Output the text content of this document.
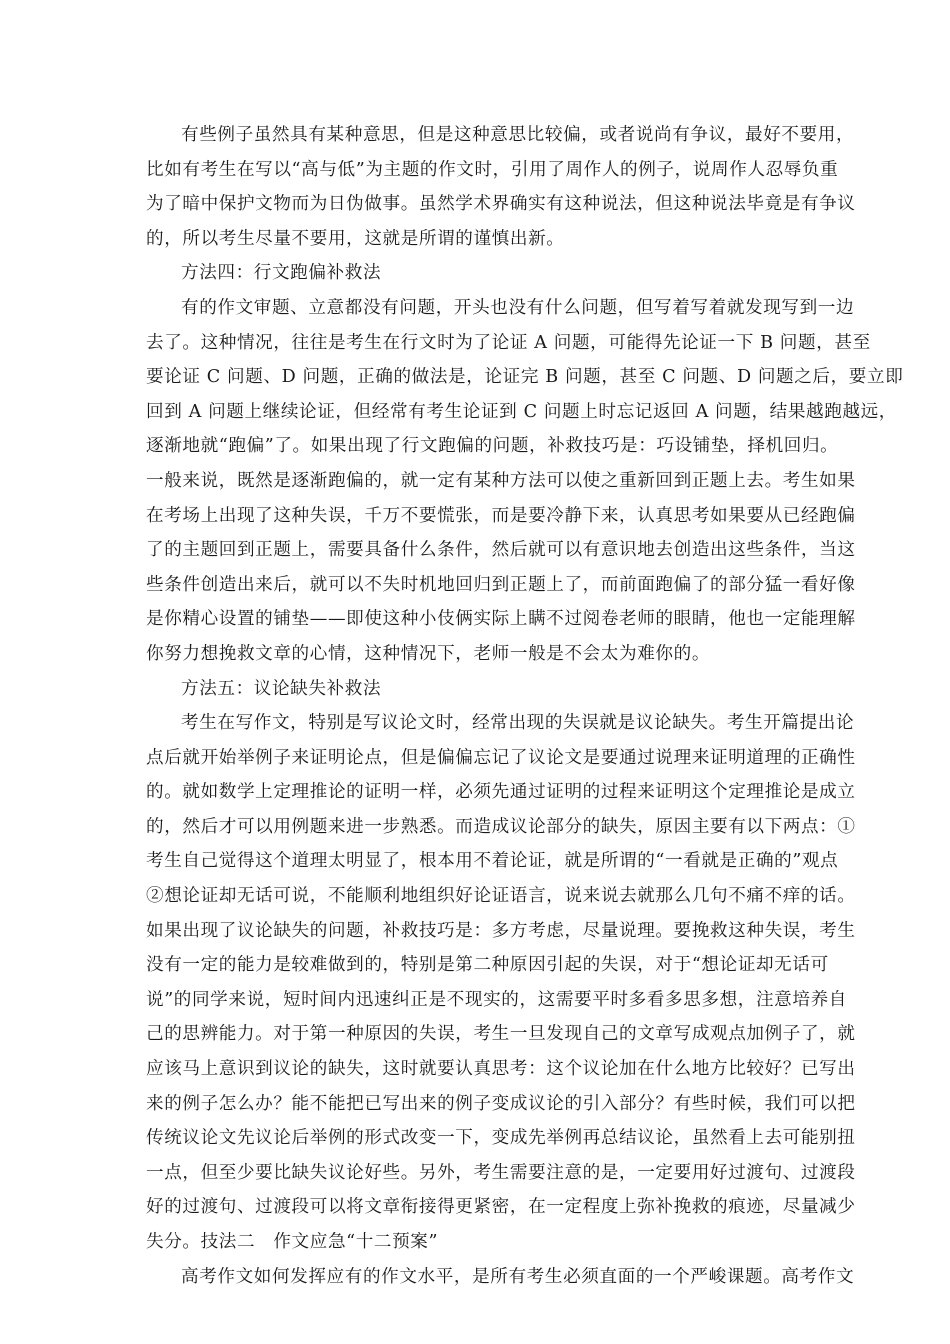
有些例子虽然具有某种意思，但是这种意思比较偏，或者说尚有争议，最好不要用，
比如有考生在写以“高与低”为主题的作文时，引用了周作人的例子，说周作人忍辱负重
为了暗中保护文物而为日伪做事。虽然学术界确实有这种说法，但这种说法毕竟是有争议
的，所以考生尽量不要用，这就是所谓的谨慎出新。
方法四：行文跑偏补救法
有的作文审题、立意都没有问题，开头也没有什么问题，但写着写着就发现写到一边
去了。这种情况，往往是考生在行文时为了论证 A 问题，可能得先论证一下 B 问题，甚至
要论证 C 问题、D 问题，正确的做法是，论证完 B 问题，甚至 C 问题、D 问题之后，要立即
回到 A 问题上继续论证，但经常有考生论证到 C 问题上时忘记返回 A 问题，结果越跑越远，
逐渐地就“跑偏”了。如果出现了行文跑偏的问题，补救技巧是：巧设铺垫，择机回归。
一般来说，既然是逐渐跑偏的，就一定有某种方法可以使之重新回到正题上去。考生如果
在考场上出现了这种失误，千万不要慌张，而是要冷静下来，认真思考如果要从已经跑偏
了的主题回到正题上，需要具备什么条件，然后就可以有意识地去创造出这些条件，当这
些条件创造出来后，就可以不失时机地回归到正题上了，而前面跑偏了的部分猛一看好像
是你精心设置的铺垫——即使这种小伎俩实际上瞒不过阅卷老师的眼睛，他也一定能理解
你努力想挽救文章的心情，这种情况下，老师一般是不会太为难你的。
方法五：议论缺失补救法
考生在写作文，特别是写议论文时，经常出现的失误就是议论缺失。考生开篇提出论
点后就开始举例子来证明论点，但是偏偏忘记了议论文是要通过说理来证明道理的正确性
的。就如数学上定理推论的证明一样，必须先通过证明的过程来证明这个定理推论是成立
的，然后才可以用例题来进一步熟悉。而造成议论部分的缺失，原因主要有以下两点：①
考生自己觉得这个道理太明显了，根本用不着论证，就是所谓的“一看就是正确的”观点
②想论证却无话可说，不能顺利地组织好论证语言，说来说去就那么几句不痛不痒的话。
如果出现了议论缺失的问题，补救技巧是：多方考虑，尽量说理。要挽救这种失误，考生
没有一定的能力是较难做到的，特别是第二种原因引起的失误，对于“想论证却无话可
说”的同学来说，短时间内迅速纠正是不现实的，这需要平时多看多思多想，注意培养自
己的思辨能力。对于第一种原因的失误，考生一旦发现自己的文章写成观点加例子了，就
应该马上意识到议论的缺失，这时就要认真思考：这个议论加在什么地方比较好？已写出
来的例子怎么办？能不能把已写出来的例子变成议论的引入部分？有些时候，我们可以把
传统议论文先议论后举例的形式改变一下，变成先举例再总结议论，虽然看上去可能别扭
一点，但至少要比缺失议论好些。另外，考生需要注意的是，一定要用好过渡句、过渡段
好的过渡句、过渡段可以将文章衔接得更紧密，在一定程度上弥补挽救的痕迹，尽量减少
失分。技法二　作文应急“十二预案”
高考作文如何发挥应有的作文水平，是所有考生必须直面的一个严峻课题。高考作文
